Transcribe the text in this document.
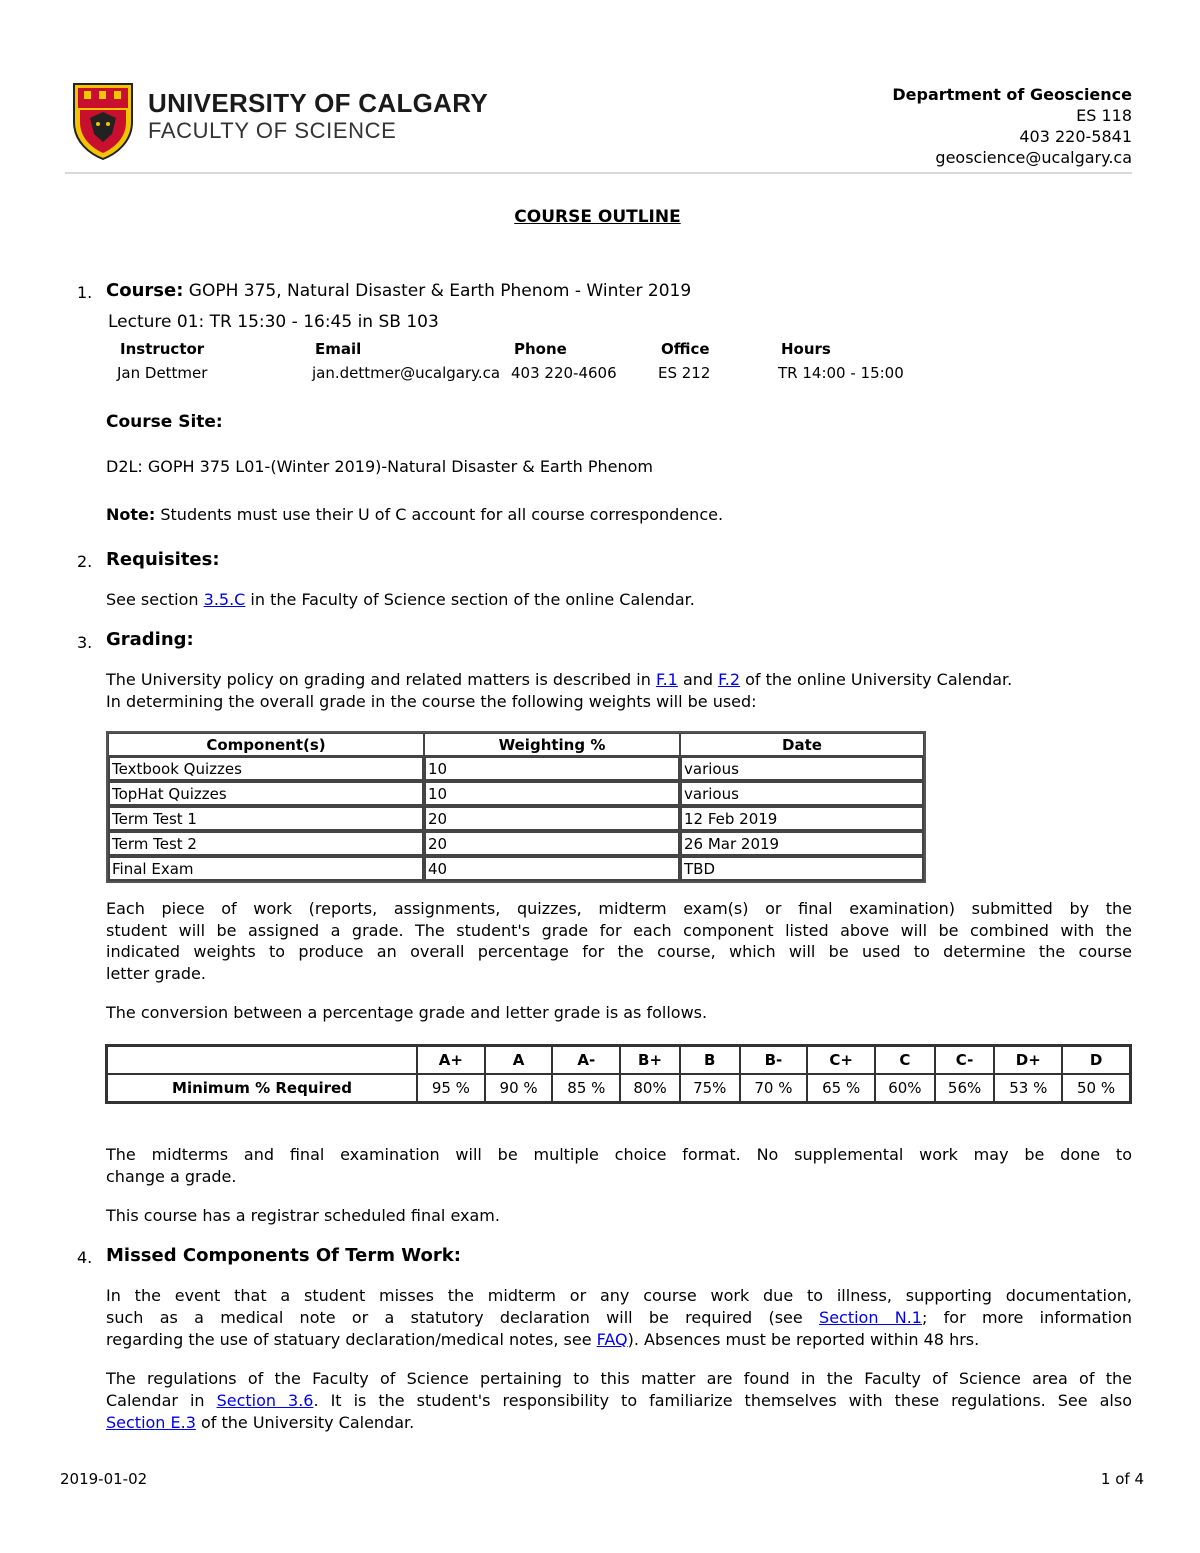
UNIVERSITY OF CALGARY
FACULTY OF SCIENCE
Department of Geoscience
ES 118
403 220-5841
geoscience@ucalgary.ca
COURSE OUTLINE
1. Course: GOPH 375, Natural Disaster & Earth Phenom - Winter 2019
Lecture 01: TR 15:30 - 16:45 in SB 103
Instructor	Email	Phone	Office	Hours
Jan Dettmer	jan.dettmer@ucalgary.ca 403 220-4606	ES 212	TR 14:00 - 15:00
Course Site:
D2L: GOPH 375 L01-(Winter 2019)-Natural Disaster & Earth Phenom
Note: Students must use their U of C account for all course correspondence.
2. Requisites:
See section 3.5.C in the Faculty of Science section of the online Calendar.
3. Grading:
The University policy on grading and related matters is described in F.1 and F.2 of the online University Calendar.
In determining the overall grade in the course the following weights will be used:
Component(s)	Weighting %	Date
Textbook Quizzes	10	various
TopHat Quizzes	10	various
Term Test 1	20	12 Feb 2019
Term Test 2	20	26 Mar 2019
Final Exam	40	TBD
Each piece of work (reports, assignments, quizzes, midterm exam(s) or final examination) submitted by the
student will be assigned a grade. The student's grade for each component listed above will be combined with the
indicated weights to produce an overall percentage for the course, which will be used to determine the course
letter grade.
The conversion between a percentage grade and letter grade is as follows.
	A+	A	A-	B+	B	B-	C+	C	C-	D+	D
Minimum % Required	95 %	90 %	85 %	80%	75%	70 %	65 %	60%	56%	53 %	50 %
The midterms and final examination will be multiple choice format. No supplemental work may be done to
change a grade.
This course has a registrar scheduled final exam.
4. Missed Components Of Term Work:
In the event that a student misses the midterm or any course work due to illness, supporting documentation,
such as a medical note or a statutory declaration will be required (see Section N.1; for more information
regarding the use of statuary declaration/medical notes, see FAQ). Absences must be reported within 48 hrs.
The regulations of the Faculty of Science pertaining to this matter are found in the Faculty of Science area of the
Calendar in Section 3.6. It is the student's responsibility to familiarize themselves with these regulations. See also
Section E.3 of the University Calendar.
2019-01-02	1 of 4
